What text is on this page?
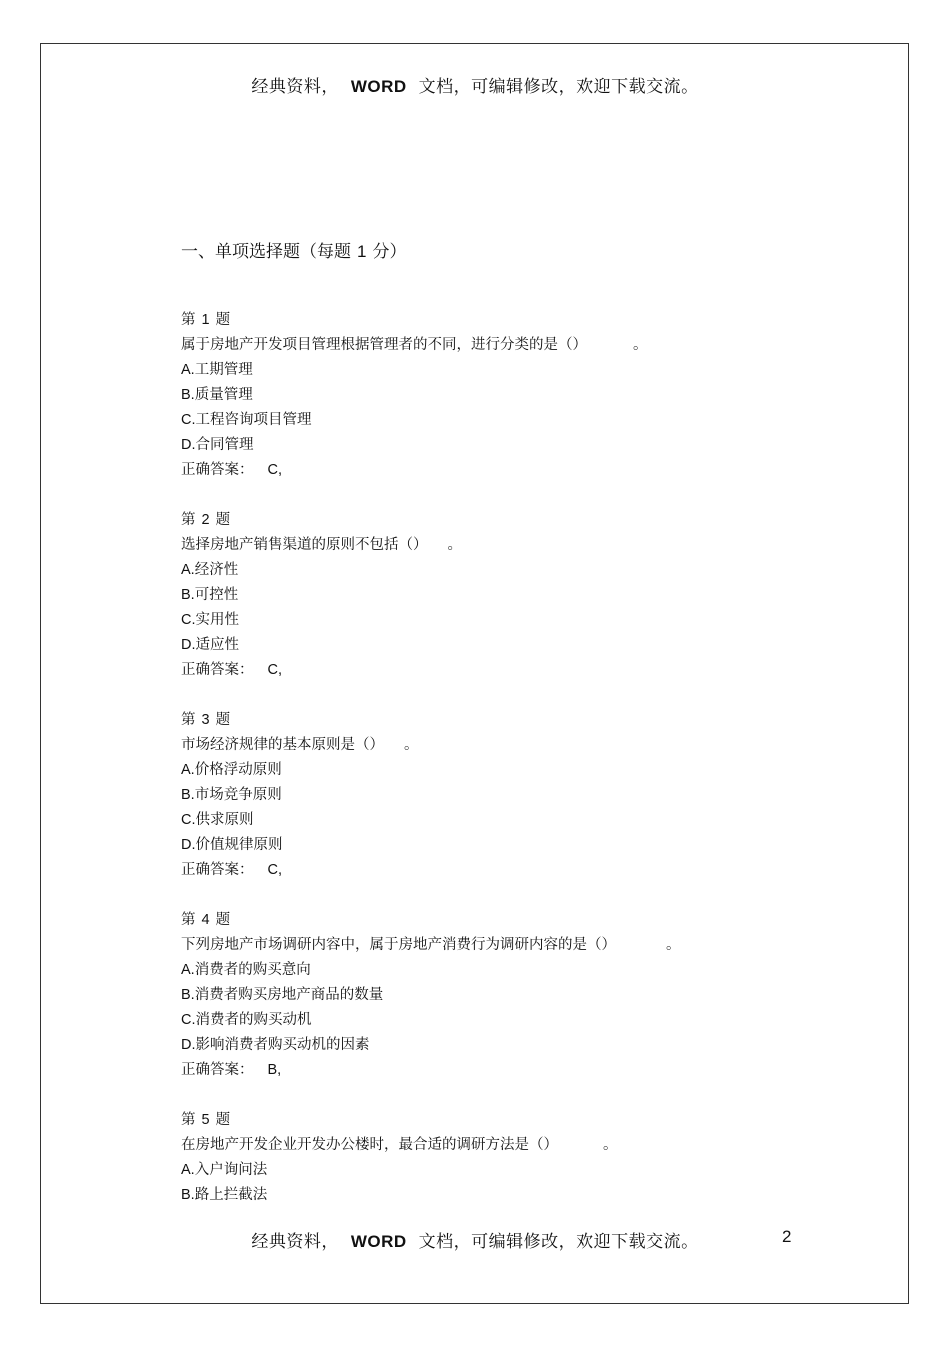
经典资料， WORD 文档，可编辑修改，欢迎下载交流。
一、单项选择题（每题 1 分）
第 1 题
属于房地产开发项目管理根据管理者的不同，进行分类的是（）	。
A.工期管理
B.质量管理
C.工程咨询项目管理
D.合同管理
正确答案： C,
第 2 题
选择房地产销售渠道的原则不包括（） 。
A.经济性
B.可控性
C.实用性
D.适应性
正确答案： C,
第 3 题
市场经济规律的基本原则是（） 。
A.价格浮动原则
B.市场竞争原则
C.供求原则
D.价值规律原则
正确答案： C,
第 4 题
下列房地产市场调研内容中，属于房地产消费行为调研内容的是（）	。
A.消费者的购买意向
B.消费者购买房地产商品的数量
C.消费者的购买动机
D.影响消费者购买动机的因素
正确答案： B,
第 5 题
在房地产开发企业开发办公楼时，最合适的调研方法是（）	。
A.入户询问法
B.路上拦截法
经典资料， WORD 文档，可编辑修改，欢迎下载交流。	2
